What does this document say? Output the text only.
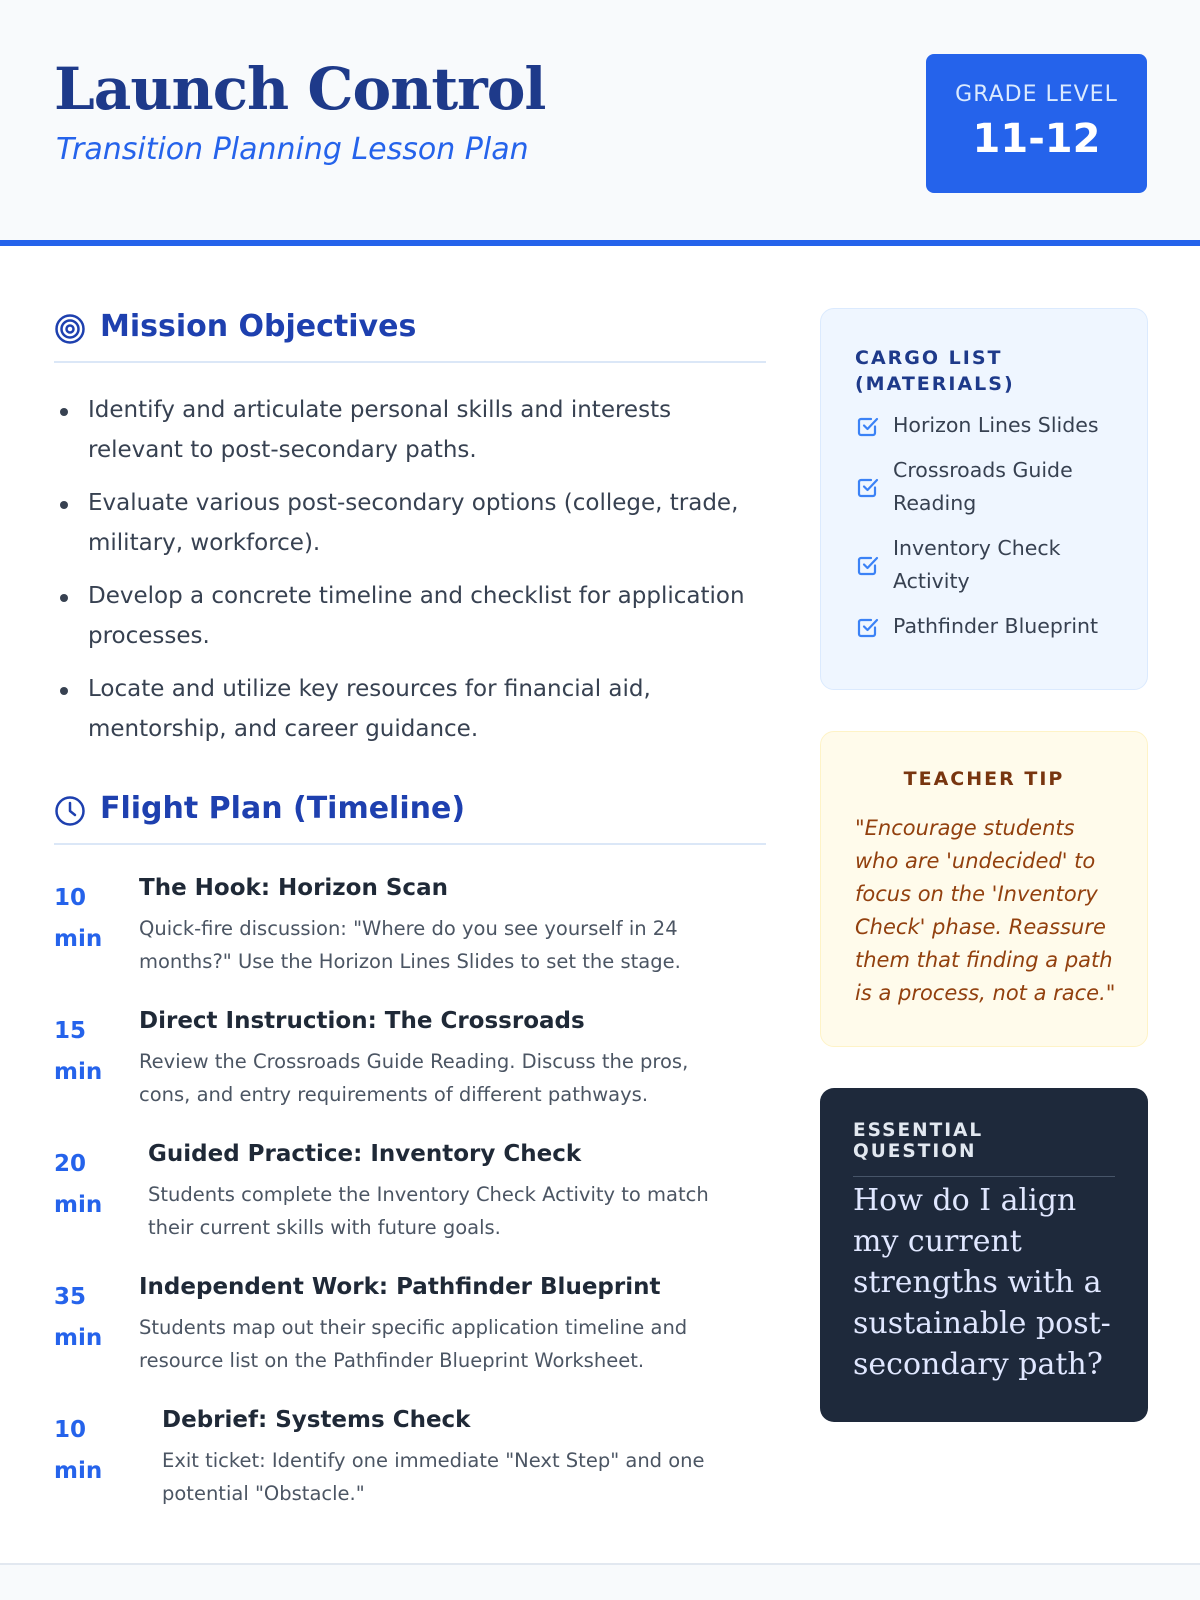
Launch Control
Transition Planning Lesson Plan
GRADE LEVEL
11-12
Mission Objectives
Identify and articulate personal skills and interests relevant to post-secondary paths.
Evaluate various post-secondary options (college, trade, military, workforce).
Develop a concrete timeline and checklist for application processes.
Locate and utilize key resources for financial aid, mentorship, and career guidance.
Flight Plan (Timeline)
10 min
The Hook: Horizon Scan
Quick-fire discussion: "Where do you see yourself in 24 months?" Use the Horizon Lines Slides to set the stage.
15 min
Direct Instruction: The Crossroads
Review the Crossroads Guide Reading. Discuss the pros, cons, and entry requirements of different pathways.
20 min
Guided Practice: Inventory Check
Students complete the Inventory Check Activity to match their current skills with future goals.
35 min
Independent Work: Pathfinder Blueprint
Students map out their specific application timeline and resource list on the Pathfinder Blueprint Worksheet.
10 min
Debrief: Systems Check
Exit ticket: Identify one immediate "Next Step" and one potential "Obstacle."
CARGO LIST (MATERIALS)
Horizon Lines Slides
Crossroads Guide Reading
Inventory Check Activity
Pathfinder Blueprint
TEACHER TIP
"Encourage students who are 'undecided' to focus on the 'Inventory Check' phase. Reassure them that finding a path is a process, not a race."
ESSENTIAL QUESTION
How do I align my current strengths with a sustainable post-secondary path?
